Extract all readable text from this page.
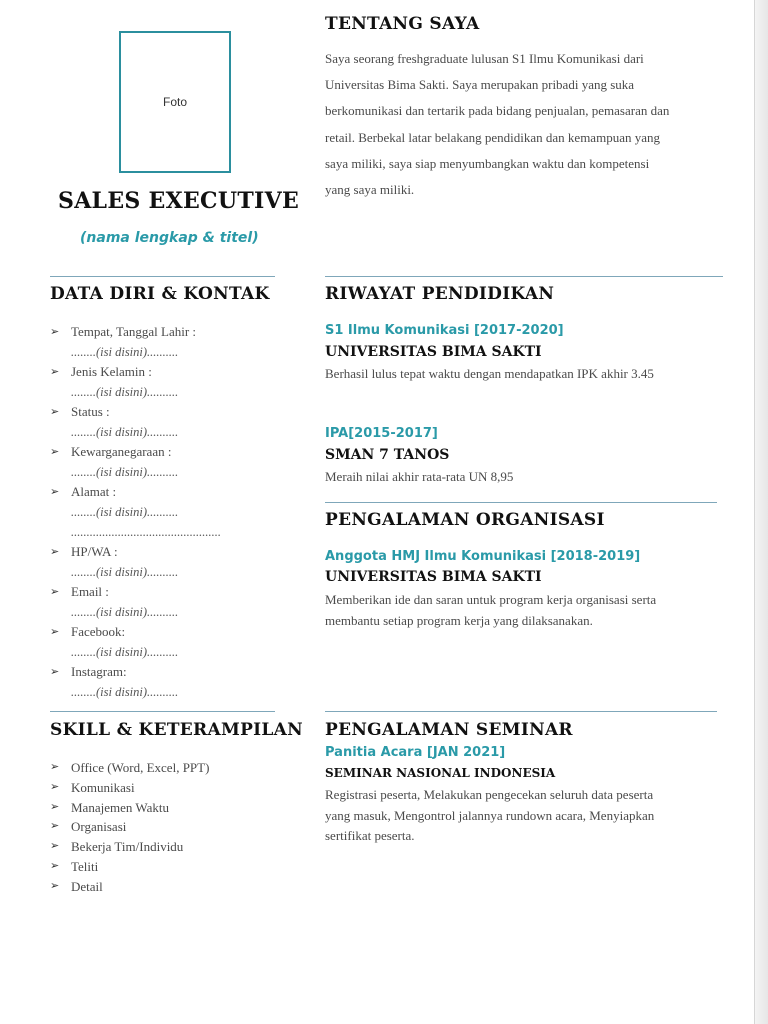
Foto
SALES EXECUTIVE
(nama lengkap & titel)
TENTANG SAYA
Saya seorang freshgraduate lulusan S1 Ilmu Komunikasi dari Universitas Bima Sakti. Saya merupakan pribadi yang suka berkomunikasi dan tertarik pada bidang penjualan, pemasaran dan retail. Berbekal latar belakang pendidikan dan kemampuan yang saya miliki, saya siap menyumbangkan waktu dan kompetensi yang saya miliki.
DATA DIRI & KONTAK
➢ Tempat, Tanggal Lahir :
........(isi disini)..........
➢ Jenis Kelamin :
........(isi disini)..........
➢ Status :
........(isi disini)..........
➢ Kewarganegaraan :
........(isi disini)..........
➢ Alamat :
........(isi disini)..........
................................................
➢ HP/WA :
........(isi disini)..........
➢ Email :
........(isi disini)..........
➢ Facebook:
........(isi disini)..........
➢ Instagram:
........(isi disini)..........
SKILL & KETERAMPILAN
➢ Office (Word, Excel, PPT)
➢ Komunikasi
➢ Manajemen Waktu
➢ Organisasi
➢ Bekerja Tim/Individu
➢ Teliti
➢ Detail
RIWAYAT PENDIDIKAN
S1 Ilmu Komunikasi [2017-2020]
UNIVERSITAS BIMA SAKTI
Berhasil lulus tepat waktu dengan mendapatkan IPK akhir 3.45
IPA[2015-2017]
SMAN 7 TANOS
Meraih nilai akhir rata-rata UN 8,95
PENGALAMAN ORGANISASI
Anggota HMJ Ilmu Komunikasi [2018-2019]
UNIVERSITAS BIMA SAKTI
Memberikan ide dan saran untuk program kerja organisasi serta membantu setiap program kerja yang dilaksanakan.
PENGALAMAN SEMINAR
Panitia Acara [JAN 2021]
SEMINAR NASIONAL INDONESIA
Registrasi peserta, Melakukan pengecekan seluruh data peserta yang masuk, Mengontrol jalannya rundown acara, Menyiapkan sertifikat peserta.
